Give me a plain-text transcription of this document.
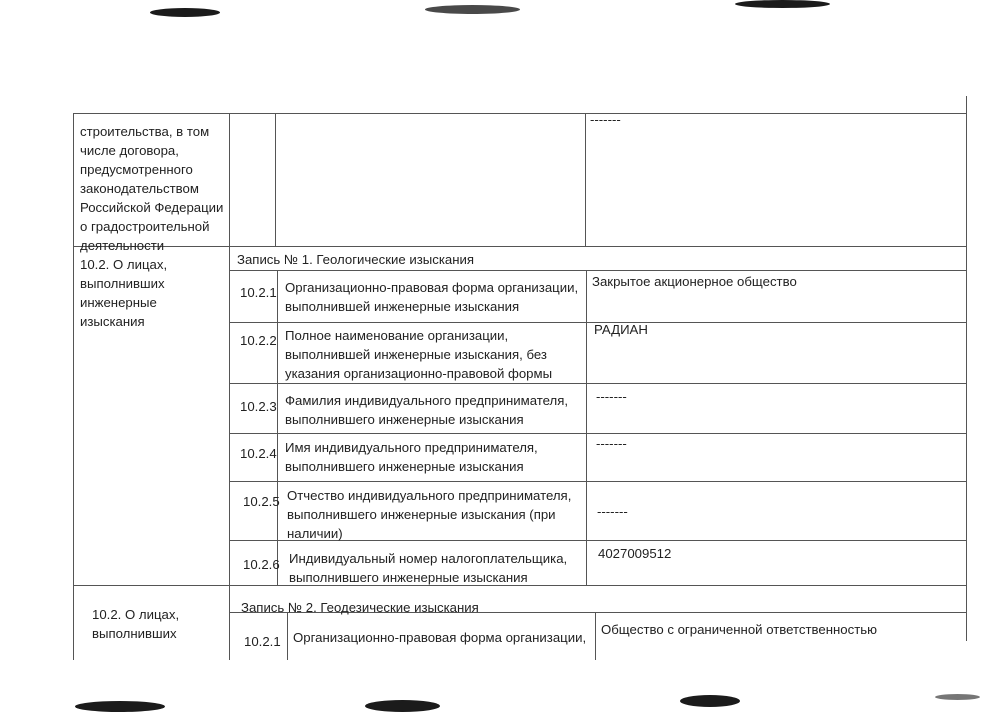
строительства, в том
числе договора,
предусмотренного
законодательством
Российской Федерации
о градостроительной
деятельности
-------
10.2. О лицах,
выполнивших
инженерные
изыскания
Запись № 1. Геологические изыскания
10.2.1 Организационно-правовая форма организации,
выполнившей инженерные изыскания
Закрытое акционерное общество
10.2.2 Полное наименование организации,
выполнившей инженерные изыскания, без
указания организационно-правовой формы
РАДИАН
10.2.3 Фамилия индивидуального предпринимателя,
выполнившего инженерные изыскания
-------
10.2.4 Имя индивидуального предпринимателя,
выполнившего инженерные изыскания
-------
10.2.5 Отчество индивидуального предпринимателя,
выполнившего инженерные изыскания (при
наличии)
-------
10.2.6 Индивидуальный номер налогоплательщика,
выполнившего инженерные изыскания
4027009512
10.2. О лицах,
выполнивших
Запись № 2. Геодезические изыскания
10.2.1 Организационно-правовая форма организации,
Общество с ограниченной ответственностью
